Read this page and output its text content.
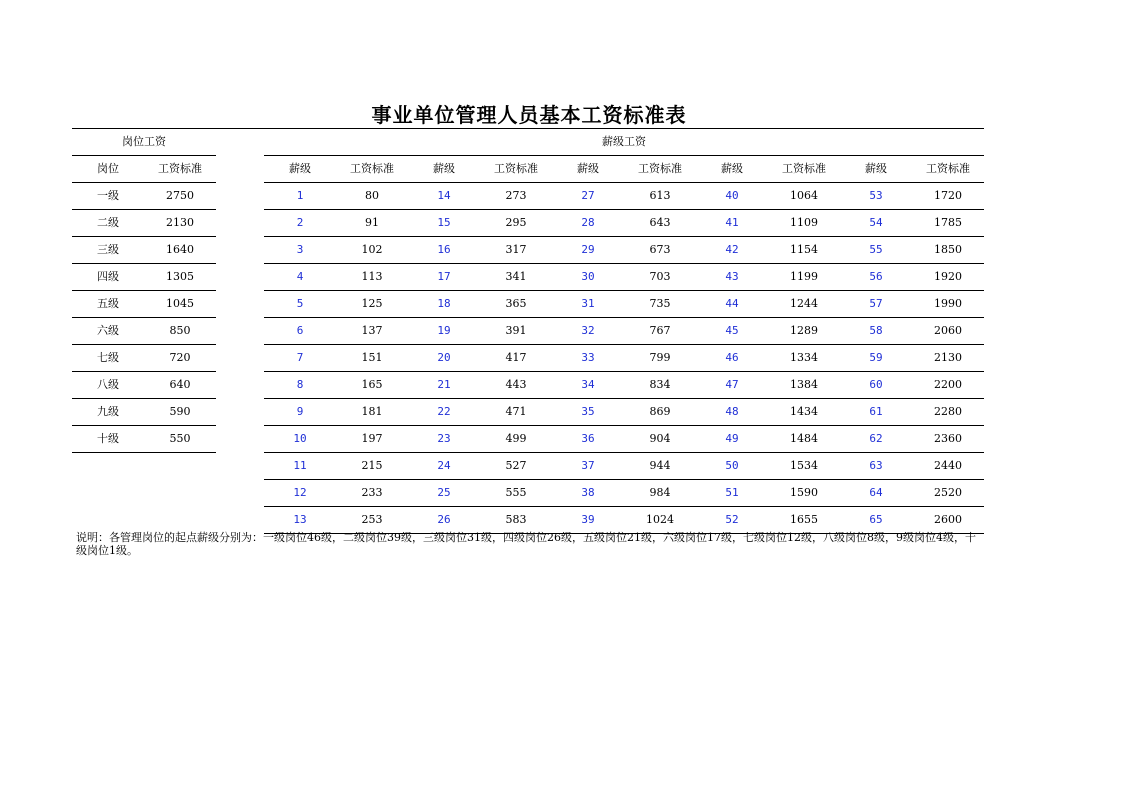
事业单位管理人员基本工资标准表
岗位工资
岗位	工资标准
一级	2750
二级	2130
三级	1640
四级	1305
五级	1045
六级	850
七级	720
八级	640
九级	590
十级	550
薪级工资
薪级	工资标准	薪级	工资标准	薪级	工资标准	薪级	工资标准	薪级	工资标准
1	80	14	273	27	613	40	1064	53	1720
2	91	15	295	28	643	41	1109	54	1785
3	102	16	317	29	673	42	1154	55	1850
4	113	17	341	30	703	43	1199	56	1920
5	125	18	365	31	735	44	1244	57	1990
6	137	19	391	32	767	45	1289	58	2060
7	151	20	417	33	799	46	1334	59	2130
8	165	21	443	34	834	47	1384	60	2200
9	181	22	471	35	869	48	1434	61	2280
10	197	23	499	36	904	49	1484	62	2360
11	215	24	527	37	944	50	1534	63	2440
12	233	25	555	38	984	51	1590	64	2520
13	253	26	583	39	1024	52	1655	65	2600
说明：各管理岗位的起点薪级分别为：一级岗位46级，二级岗位39级，三级岗位31级，四级岗位26级，五级岗位21级，六级岗位17级，七级岗位12级，八级岗位8级，9级岗位4级，十级岗位1级。
